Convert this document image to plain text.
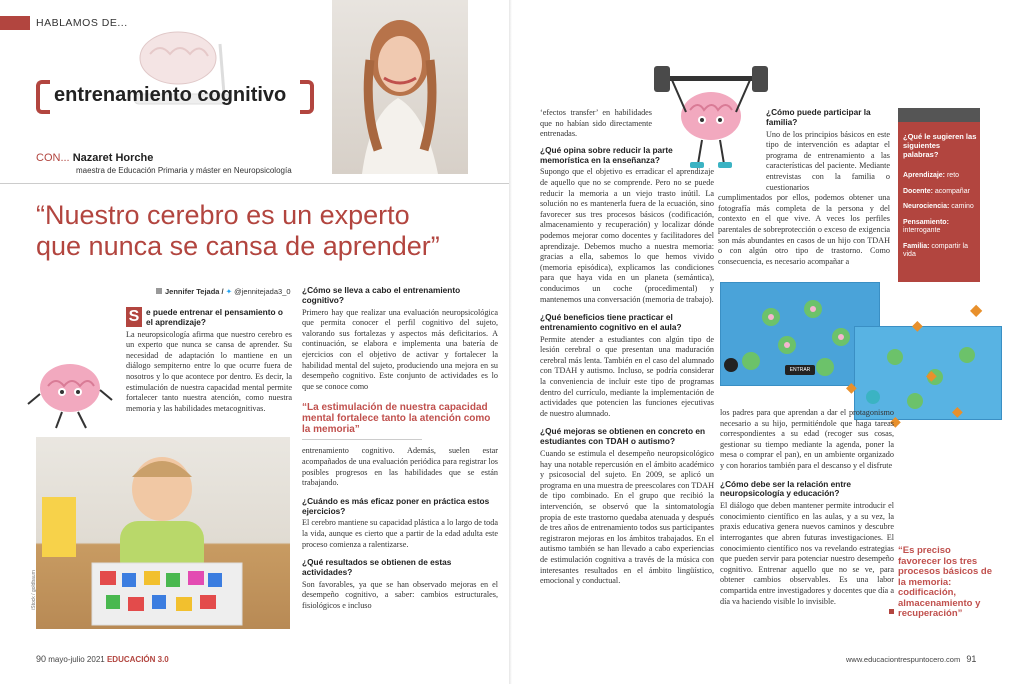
HABLAMOS DE...
entrenamiento cognitivo
CON... Nazaret Horche
maestra de Educación Primaria y máster en Neuropsicología
“Nuestro cerebro es un experto
que nunca se cansa de aprender”
Jennifer Tejada / ✦ @jennitejada3_0
S e puede entrenar el pensamiento o el aprendizaje?
La neuropsicología afirma que nuestro cerebro es un experto que nunca se cansa de aprender. Su necesidad de adaptación lo mantiene en un diálogo sempiterno entre lo que ocurre fuera de nosotros y lo que acontece por dentro. Es decir, la estimulación de nuestra capacidad mental permite fortalecer tanto nuestra atención, como nuestra memoria y las habilidades metacognitivas.
iStock / goldbaum
¿Cómo se lleva a cabo el entrenamiento cognitivo?
Primero hay que realizar una evaluación neuropsicológica que permita conocer el perfil cognitivo del sujeto, valorando sus fortalezas y aspectos más deficitarios. A continuación, se elabora e implementa una batería de ejercicios con el objetivo de activar y fortalecer la habilidad mental del sujeto, produciendo una mejora en su desempeño cognitivo. Este conjunto de actividades es lo que se conoce como
“La estimulación de nuestra capacidad mental fortalece tanto la atención como la memoria”
entrenamiento cognitivo. Además, suelen estar acompañados de una evaluación periódica para registrar los posibles progresos en las habilidades que se están trabajando.
¿Cuándo es más eficaz poner en práctica estos ejercicios?
El cerebro mantiene su capacidad plástica a lo largo de toda la vida, aunque es cierto que a partir de la edad adulta este proceso comienza a ralentizarse.
¿Qué resultados se obtienen de estas actividades?
Son favorables, ya que se han observado mejoras en el desempeño cognitivo, a saber: cambios estructurales, fisiológicos e incluso
90 mayo-julio 2021 EDUCACIÓN 3.0
‘efectos transfer’ en habilidades que no habían sido directamente entrenadas.
¿Qué opina sobre reducir la parte memorística en la enseñanza?
Supongo que el objetivo es erradicar el aprendizaje de aquello que no se comprende. Pero no se puede reducir la memoria a un viejo trasto inútil. La solución no es mantenerla fuera de la ecuación, sino favorecer sus tres procesos básicos (codificación, almacenamiento y recuperación) y localizar dónde podemos mejorar como docentes y facilitadores del aprendizaje. Debemos mucho a nuestra memoria: gracias a ella, sabemos lo que hemos vivido (memoria episódica), explicamos las condiciones para que haya vida en un planeta (semántica), conducimos un coche (procedimental) y mantenemos una conversación (memoria de trabajo).
¿Qué beneficios tiene practicar el entrenamiento cognitivo en el aula?
Permite atender a estudiantes con algún tipo de lesión cerebral o que presentan una maduración cerebral más lenta. También en el caso del alumnado con TDAH y autismo. Incluso, se podría considerar la conveniencia de incluir este tipo de programas dentro del currículo, mediante la implementación de actividades que potencien las funciones ejecutivas de nuestro alumnado.
¿Qué mejoras se obtienen en concreto en estudiantes con TDAH o autismo?
Cuando se estimula el desempeño neuropsicológico hay una notable repercusión en el ámbito académico y psicosocial del sujeto. En 2009, se aplicó un programa en una muestra de preescolares con TDAH de tipo combinado. En el grupo que recibió la intervención, se observó que la sintomatología propia de este trastorno quedaba atenuada y después de tres años de entrenamiento todos sus participantes registraron mejoras en los ámbitos trabajados. En el autismo también se han llevado a cabo experiencias de estimulación cognitiva a través de la música con interesantes resultados en el ámbito lingüístico, emocional y conductual.
¿Cómo puede participar la familia?
Uno de los principios básicos en este tipo de intervención es adaptar el programa de entrenamiento a las características del paciente. Mediante entrevistas con la familia o cuestionarios
cumplimentados por ellos, podemos obtener una fotografía más completa de la persona y del contexto en el que vive. A veces los perfiles parentales de sobreprotección o exceso de exigencia son más abundantes en casos de un hijo con TDAH o con algún otro tipo de trastorno. Como consecuencia, es necesario acompañar a
ENTRAR
◆
◆
◆
◆
◆
◆
los padres para que aprendan a dar el protagonismo necesario a su hijo, permitiéndole que haga tareas correspondientes a su edad (recoger sus cosas, gestionar su tiempo mediante la agenda, poner la mesa o comprar el pan), en un ambiente organizado y con horarios también para el descanso y el disfrute
¿Cómo debe ser la relación entre neuropsicología y educación?
El diálogo que deben mantener permite introducir el conocimiento científico en las aulas, y a su vez, la praxis educativa genera nuevos caminos y descubre interrogantes que abren futuras investigaciones. El conocimiento científico nos va revelando estrategias que pueden servir para potenciar nuestro desempeño cognitivo. Entrenar aquello que no se ve, para obtener cambios observables. Es una labor compartida entre investigadores y docentes que día a día va haciendo visible lo invisible.
¿Qué le sugieren las siguientes palabras?
Aprendizaje: reto
Docente: acompañar
Neurociencia: camino
Pensamiento: interrogante
Familia: compartir la vida
“Es preciso favorecer los tres procesos básicos de la memoria: codificación, almacenamiento y recuperación”
www.educaciontrespuntocero.com 91
